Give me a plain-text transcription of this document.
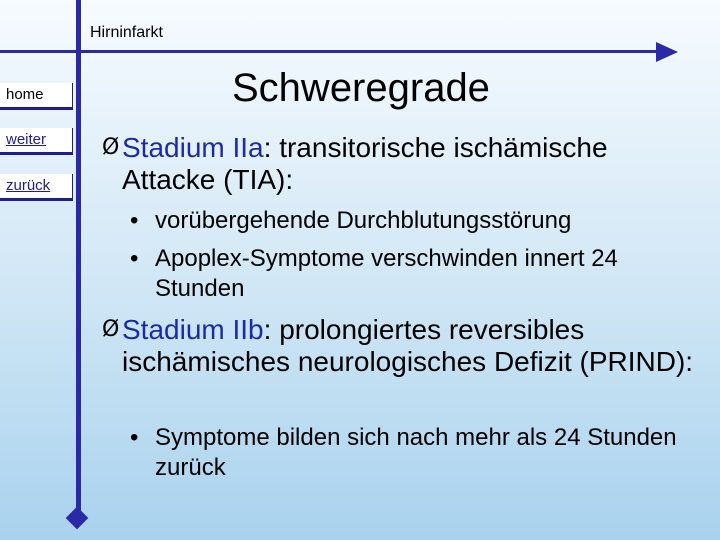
Hirninfarkt
home
weiter
zurück
Schweregrade
Ø Stadium IIa: transitorische ischämische Attacke (TIA):
• vorübergehende Durchblutungsstörung
• Apoplex-Symptome verschwinden innert 24 Stunden
Ø Stadium IIb: prolongiertes reversibles ischämisches neurologisches Defizit (PRIND):
• Symptome bilden sich nach mehr als 24 Stunden zurück
